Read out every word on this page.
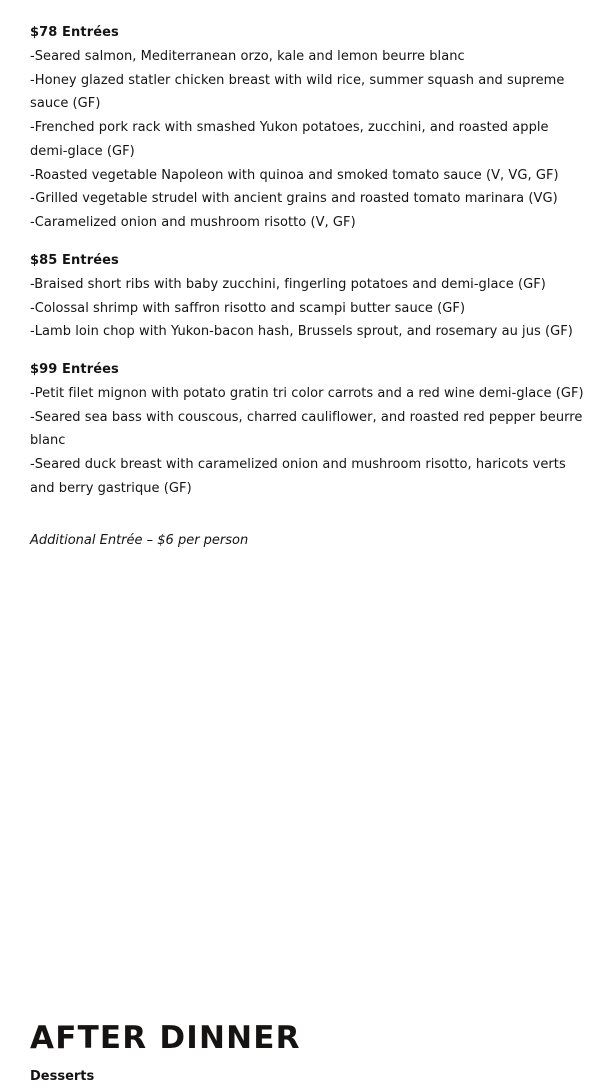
$78 Entrées
-Seared salmon, Mediterranean orzo, kale and lemon beurre blanc
-Honey glazed statler chicken breast with wild rice, summer squash and supreme sauce (GF)
-Frenched pork rack with smashed Yukon potatoes, zucchini, and roasted apple demi-glace (GF)
-Roasted vegetable Napoleon with quinoa and smoked tomato sauce (V, VG, GF)
-Grilled vegetable strudel with ancient grains and roasted tomato marinara (VG)
-Caramelized onion and mushroom risotto (V, GF)
$85 Entrées
-Braised short ribs with baby zucchini, fingerling potatoes and demi-glace (GF)
-Colossal shrimp with saffron risotto and scampi butter sauce (GF)
-Lamb loin chop with Yukon-bacon hash, Brussels sprout, and rosemary au jus (GF)
$99 Entrées
-Petit filet mignon with potato gratin tri color carrots and a red wine demi-glace (GF)
-Seared sea bass with couscous, charred cauliflower, and roasted red pepper beurre blanc
-Seared duck breast with caramelized onion and mushroom risotto, haricots verts and berry gastrique (GF)

Additional Entrée – $6 per person

AFTER DINNER

Desserts
